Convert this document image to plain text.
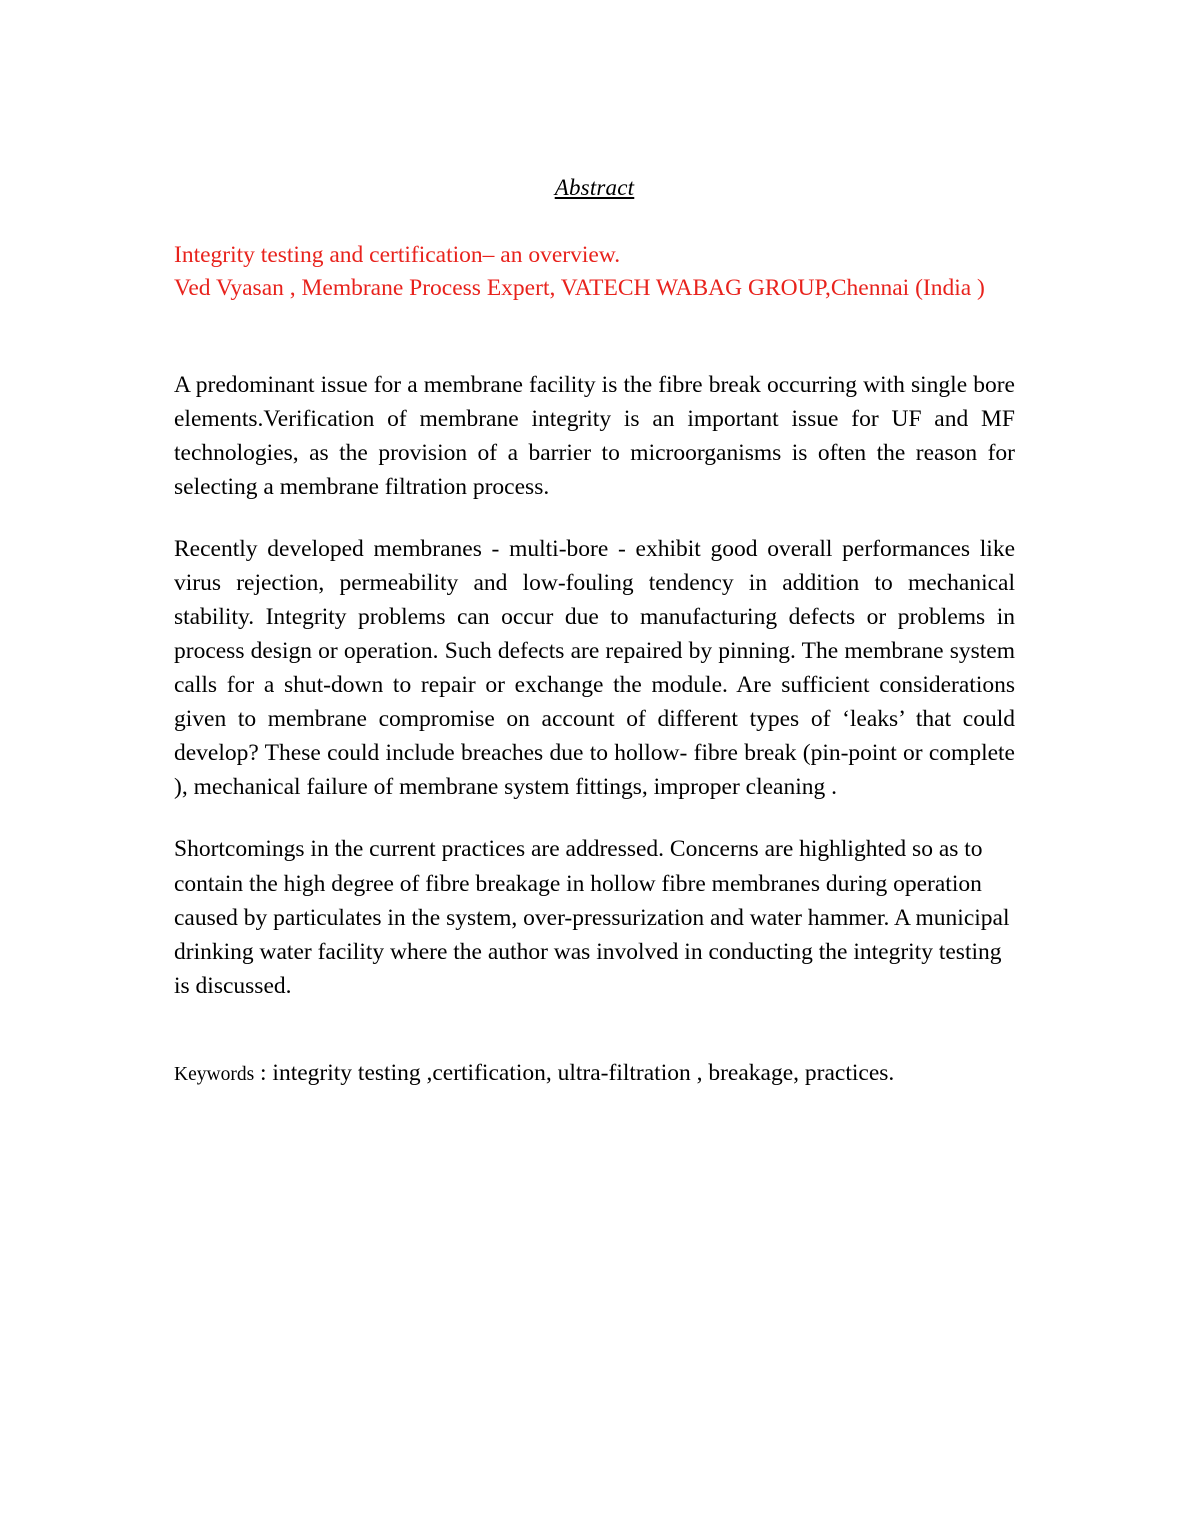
Abstract
Integrity testing and certification– an overview.
Ved Vyasan , Membrane Process Expert, VATECH WABAG GROUP,Chennai (India )

A predominant issue for a membrane facility is the fibre break occurring with single bore elements.Verification of membrane integrity is an important issue for UF and MF technologies, as the provision of a barrier to microorganisms is often the reason for selecting a membrane filtration process.

Recently developed membranes - multi-bore - exhibit good overall performances like virus rejection, permeability and low-fouling tendency in addition to mechanical stability. Integrity problems can occur due to manufacturing defects or problems in process design or operation. Such defects are repaired by pinning. The membrane system calls for a shut-down to repair or exchange the module. Are sufficient considerations given to membrane compromise on account of different types of ‘leaks’ that could develop? These could include breaches due to hollow- fibre break (pin-point or complete ), mechanical failure of membrane system fittings, improper cleaning .

Shortcomings in the current practices are addressed. Concerns are highlighted so as to contain the high degree of fibre breakage in hollow fibre membranes during operation caused by particulates in the system, over-pressurization and water hammer. A municipal drinking water facility where the author was involved in conducting the integrity testing is discussed.

Keywords : integrity testing ,certification, ultra-filtration , breakage, practices.
